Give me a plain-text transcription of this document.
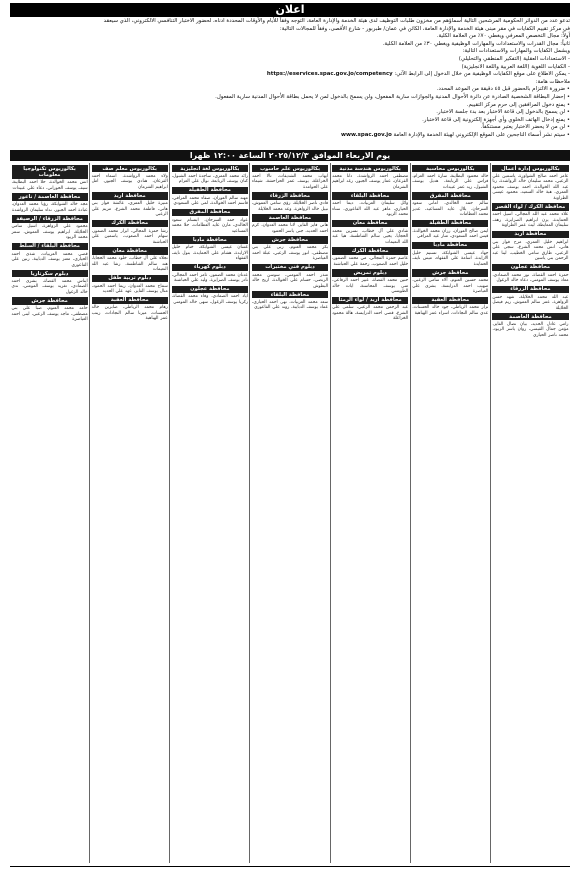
اعلان
تدعو عدد من الدوائر الحكومية المرشحين التالية أسماؤهم من مخزون طلبات التوظيف لدى هيئة الخدمة والإدارة العامة، التوجه وفقاً للأيام والأوقات المحددة ادناه، لحضور الاختبار التنافسي الالكتروني، الذي سيعقد
في مركز تقييم الكفايات في مقر مبنى هيئة الخدمة والإدارة العامة، الكائن في عمان/ طبربور - شارع الأقصى، وفقاً للمجالات التالية:
أولاً: مجال التخصص المعرفي ويغطي ٧٠٪ من العلامة الكلية.
ثانياً: مجال القدرات والاستعدادات والمهارات الوظيفية ويغطي ٣٠٪ من العلامة الكلية.
ويشمل الكفايات والمهارات والاستعدادات التالية:
- الاستعدادات العقلية (التفكير المنطقي والتحليلي)
- الكفايات اللغوية (اللغة العربية واللغة الانجليزية)
- يمكن الاطلاع على موقع الكفايات الوظيفية من خلال الدخول إلى الرابط الآتي: https://eservices.spac.gov.jo/competency
ملاحظات هامة:
• ضرورة الالتزام بالحضور قبل ٤٥ دقيقة من الموعد المحدد.
• إحضار البطاقة الشخصية الصادرة عن دائرة الأحوال المدنية والجوازات سارية المفعول، ولن يسمح بالدخول لمن لا يحمل بطاقة الأحوال المدنية سارية المفعول.
• يمنع دخول المرافقين إلى حرم مركز التقييم.
• لن يسمح بالدخول إلى قاعة الاختبار بعد بدء جلسة الاختبار.
• يمنع إدخال الهاتف الخلوي وأي أجهزة إلكترونية إلى قاعة الاختبار.
• لن من لا يحضر الاختبار يعتبر مستنكفاً.
• سيتم نشر أسماء الناجحين على الموقع الإلكتروني لهيئة الخدمة والإدارة العامة www.spac.gov.jo
يوم الاربعاء الموافق ٢٠٢٥/١٢/٣ الساعة ١٢:٠٠ ظهرا
بكالوريوس إدارة أعمال
عامر احمد صالح الشواورة، ياسمين علي الزعبي، محمد سليمان خالد الرواشدة، رنا عبد الله الخوالدة، احمد يوسف محمود العمري، هبة خالد السعيد، محمود عيسى الطراونة
محافظة الكرك / لواء القصر
علاء محمد عبد الله المجالي، اسيل احمد الحمايدة، يزن ابراهيم الصرايرة، رهف سليمان المعايطة، ليث عمر الطراونة
محافظة اربد
ابراهيم خليل العمري، مرح فواز بني هاني، انس محمد الشرع، سجى علي الزعبي، طارق سامي الخطيب، لينا عبد الرحمن بني ياسين
محافظة عجلون
حمزة احمد القضاة، نور محمد الصمادي، معاذ يوسف المومني، دعاء خالد الزغول
محافظة الزرقاء
عبد الله محمد الخلايلة، شهد حسن الزواهرة، عمر سالم العموش، ريم فيصل الخلايلة
محافظة العاصمة
رامي عادل الحديد، بيان نضال الفايز، مؤمن جمال القيسي، روان ياسر الزيود، محمد ناصر الحياري
بكالوريوس محاسبة
خالد محمود البطاينة، سارة احمد العزام، فراس علي الربابعة، هديل يوسف الشبول، زيد عمر عبيدات
محافظة المفرق
سالم حمد الخالدي، اماني سعود السرحان، بلال عايد المساعيد، غدير محمد العظامات
محافظة الطفيلة
ايمن صالح العوران، رزان محمد الخوالدة، قيس احمد السعودي، منار عيد المرافي
محافظة مادبا
جهاد عيسى الشوابكة، تسنيم خليل الازايدة، اسامة علي الفقهاء، ميس نايف الحمايدة
محافظة جرش
محمد حسين العتوم، آلاء سامي الزعبي، صهيب احمد الدرابسة، بشرى علي العياصرة
محافظة العقبة
نزار محمد الرياطي، جود خالد الحسنات، عدي سالم النجادات، اسراء عمر الهباهبة
بكالوريوس هندسة مدنية
مصطفى احمد الرواشدة، دانا محمد القرعان، عمار يوسف الجبور، رغد ابراهيم الشرمان
محافظة البلقاء
وائل سليمان العربيات، ديما احمد الحياري، ماهر عبد الله الفاعوري، سناء محمد الزيود
محافظة معان
شادي علي آل خطاب، نسرين محمد الحجايا، يحيى سالم الفناطسة، هيا عبد الله النعيمات
محافظة الكرك
عاصم حمزة المجالي، مي محمد الضمور، خليل احمد الصعوب، رحمة علي الحباشنة
دبلوم تمريض
حنين محمد القضاة، عبير احمد الرفاعي، منى يوسف المحاسنة، ايات خالد الطويسي
محافظة اربد / لواء الرمثا
عبد الرحمن محمد الزعبي، سلمى علي الشرع، قصي احمد الدرايسة، هالة محمود الخزاعلة
بكالوريوس علم حاسوب
ايهاب محمد الشديفات، تالا احمد الخزاعلة، يوسف عمر الحراحشة، شيماء علي الحوامدة
محافظة الزرقاء
فادي ناصر الخلايلة، رؤى سامي العموش، نبيل خالد الزواهرة، وعد محمد الخلايلة
محافظة العاصمة
هاني فايز الفايز، لانا محمد العدوان، كرم احمد الحديد، جنى ياسر الحمود
محافظة جرش
بكر محمد العتوم، ربى علي بني مصطفى، انور يوسف الزعبي، عبلة احمد العياصرة
دبلوم فني مختبرات
منذر احمد المومني، سوسن محمد الربضي، حسام علي الخوالدة، اريج خالد البطوش
محافظة البلقاء
سعد محمد العربيات، نهى احمد الحياري، عماد يوسف الدبايبة، روند علي الفاعوري
بكالوريوس لغة انجليزية
رائد محمد العمري، ساجدة احمد الشبول، كنان يوسف الربابعة، نوال علي العزام
محافظة الطفيلة
مهند سالم العوران، صفاء محمد المرافي، قاسم احمد الخوالدة، لمى علي السعودي
محافظة المفرق
عواد حمد السرحان، ابتسام سعود الخالدي، مازن عايد العظامات، حلا محمد المساعيد
محافظة مادبا
غسان عيسى الشوابكة، ختام خليل الازايدة، هشام علي الحمايدة، بتول نايف الفقهاء
دبلوم كهرباء
عدنان محمد الضمور، ثامر احمد المجالي، نادر يوسف الصرايرة، وليد علي الحباشنة
محافظة عجلون
اياد احمد الصمادي، وفاء محمد القضاة، زكريا يوسف الزغول، سهى خالد المومني
بكالوريوس معلم صف
ولاء محمد الرواشدة، اسماء احمد القرعان، هنادي يوسف الجبور، امل ابراهيم الشرمان
محافظة اربد
منيرة خليل العمري، عائشة فواز بني هاني، فاطمة محمد الشرع، مريم علي الزعبي
محافظة الكرك
رشا حمزة المجالي، ابرار محمد الضمور، سهام احمد الصعوب، ياسمين علي الحباشنة
محافظة معان
نجلاء علي آل خطاب، خلود محمد الحجايا، هند سالم الفناطسة، رشا عبد الله النعيمات
دبلوم تربية طفل
سماح محمد العدوان، ريما احمد الحمود، منال يوسف الفايز، عهد علي الحديد
محافظة العقبة
رهام محمد الرياطي، صابرين خالد الحسنات، ميرنا سالم النجادات، زينب عمر الهباهبة
بكالوريوس تكنولوجيا معلومات
انس محمد الخوالدة، حلا احمد البطاينة، سيف يوسف الحوراني، دعاء علي عبيدات
محافظة العاصمة / ناعور
مجد خالد الشوابكة، رؤيا محمد العدوان، عبادة احمد الجبور، نداء سليمان الرواشدة
محافظة الزرقاء / الرصيفة
محمود علي الزواهرة، اسيل سامي الخلايلة، ابراهيم يوسف العموش، سمر محمد الزيود
محافظة البلقاء / السلط
قصي محمد العربيات، شذى احمد الحياري، معتز يوسف الدبايبة، رنين علي الفاعوري
دبلوم سكرتاريا
ايناس محمد القضاة، بشرى احمد الصمادي، تغريد يوسف المومني، ندى خالد الزغول
محافظة جرش
حامد محمد العتوم، صبا علي بني مصطفى، ماجد يوسف الزعبي، لبنى احمد العياصرة
